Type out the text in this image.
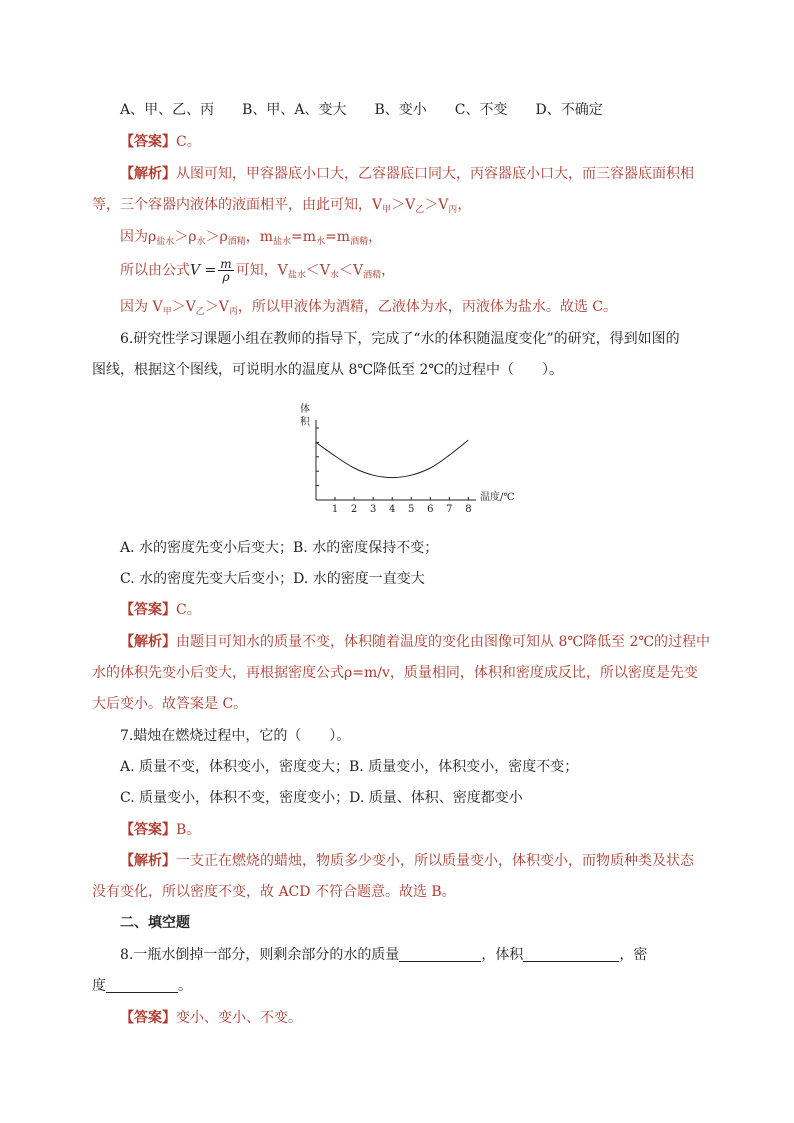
A、甲、乙、丙　　B、甲、A、变大　　B、变小　　C、不变　　D、不确定
【答案】C。
【解析】从图可知，甲容器底小口大，乙容器底口同大，丙容器底小口大，而三容器底面积相
等，三个容器内液体的液面相平，由此可知，$V_甲>V_乙>V_丙$，
因为$\rho_{盐水}>\rho_水>\rho_{酒精}$，$m_{盐水}=m_水=m_{酒精}$，
所以由公式$V = \frac{m}{\rho}$ 可知，$V_{盐水}<V_水<V_{酒精}$，
因为 $V_甲>V_乙>V_丙$，所以甲液体为酒精，乙液体为水，丙液体为盐水。故选 C。
6.研究性学习课题小组在教师的指导下，完成了“水的体积随温度变化”的研究，得到如图的
图线，根据这个图线，可说明水的温度从 8℃降低至 2℃的过程中（　　）。
体
积
温度/℃
1 2 3 4 5 6 7 8
A. 水的密度先变小后变大；B. 水的密度保持不变；
C. 水的密度先变大后变小；D. 水的密度一直变大
【答案】C。
【解析】由题目可知水的质量不变，体积随着温度的变化由图像可知从 8℃降低至 2℃的过程中
水的体积先变小后变大，再根据密度公式ρ=m/v，质量相同，体积和密度成反比，所以密度是先变
大后变小。故答案是 C。
7.蜡烛在燃烧过程中，它的（　　）。
A. 质量不变，体积变小，密度变大；B. 质量变小，体积变小，密度不变；
C. 质量变小，体积不变，密度变小；D. 质量、体积、密度都变小
【答案】B。
【解析】一支正在燃烧的蜡烛，物质多少变小，所以质量变小，体积变小，而物质种类及状态
没有变化，所以密度不变，故 ACD 不符合题意。故选 B。
二、填空题
8.一瓶水倒掉一部分，则剩余部分的水的质量	，体积	，密
度	。
【答案】变小、变小、不变。
